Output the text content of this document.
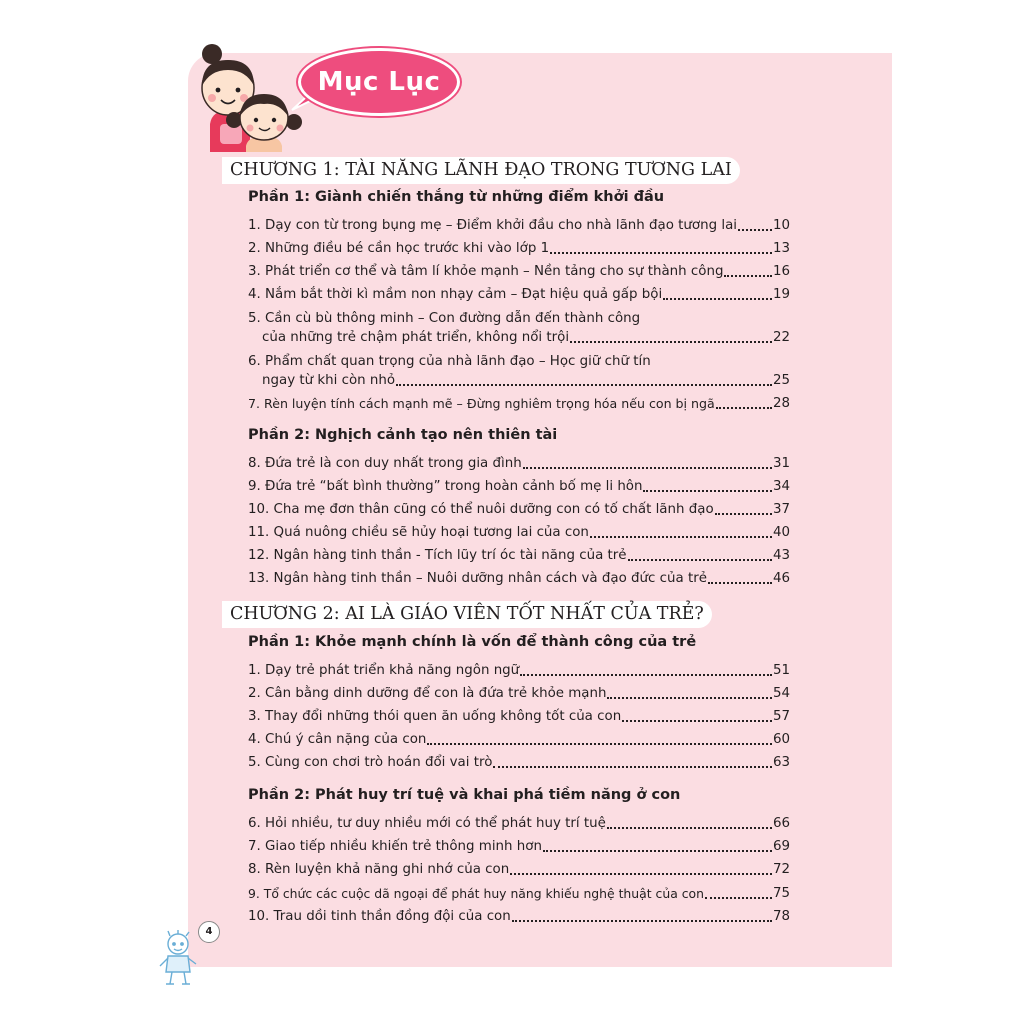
Mục Lục
CHƯƠNG 1: TÀI NĂNG LÃNH ĐẠO TRONG TƯƠNG LAI
Phần 1: Giành chiến thắng từ những điểm khởi đầu
1. Dạy con từ trong bụng mẹ – Điểm khởi đầu cho nhà lãnh đạo tương lai	10
2. Những điều bé cần học trước khi vào lớp 1	13
3. Phát triển cơ thể và tâm lí khỏe mạnh – Nền tảng cho sự thành công	16
4. Nắm bắt thời kì mầm non nhạy cảm – Đạt hiệu quả gấp bội	19
5. Cần cù bù thông minh – Con đường dẫn đến thành công
của những trẻ chậm phát triển, không nổi trội	22
6. Phẩm chất quan trọng của nhà lãnh đạo – Học giữ chữ tín
ngay từ khi còn nhỏ	25
7. Rèn luyện tính cách mạnh mẽ – Đừng nghiêm trọng hóa nếu con bị ngã	28
Phần 2: Nghịch cảnh tạo nên thiên tài
8. Đứa trẻ là con duy nhất trong gia đình	31
9. Đứa trẻ “bất bình thường” trong hoàn cảnh bố mẹ li hôn	34
10. Cha mẹ đơn thân cũng có thể nuôi dưỡng con có tố chất lãnh đạo	37
11. Quá nuông chiều sẽ hủy hoại tương lai của con	40
12. Ngân hàng tinh thần - Tích lũy trí óc tài năng của trẻ	43
13. Ngân hàng tinh thần – Nuôi dưỡng nhân cách và đạo đức của trẻ	46
CHƯƠNG 2: AI LÀ GIÁO VIÊN TỐT NHẤT CỦA TRẺ?
Phần 1: Khỏe mạnh chính là vốn để thành công của trẻ
1. Dạy trẻ phát triển khả năng ngôn ngữ	51
2. Cân bằng dinh dưỡng để con là đứa trẻ khỏe mạnh	54
3. Thay đổi những thói quen ăn uống không tốt của con	57
4. Chú ý cân nặng của con	60
5. Cùng con chơi trò hoán đổi vai trò	63
Phần 2: Phát huy trí tuệ và khai phá tiềm năng ở con
6. Hỏi nhiều, tư duy nhiều mới có thể phát huy trí tuệ	66
7. Giao tiếp nhiều khiến trẻ thông minh hơn	69
8. Rèn luyện khả năng ghi nhớ của con	72
9. Tổ chức các cuộc dã ngoại để phát huy năng khiếu nghệ thuật của con	75
10. Trau dồi tinh thần đồng đội của con	78
4
